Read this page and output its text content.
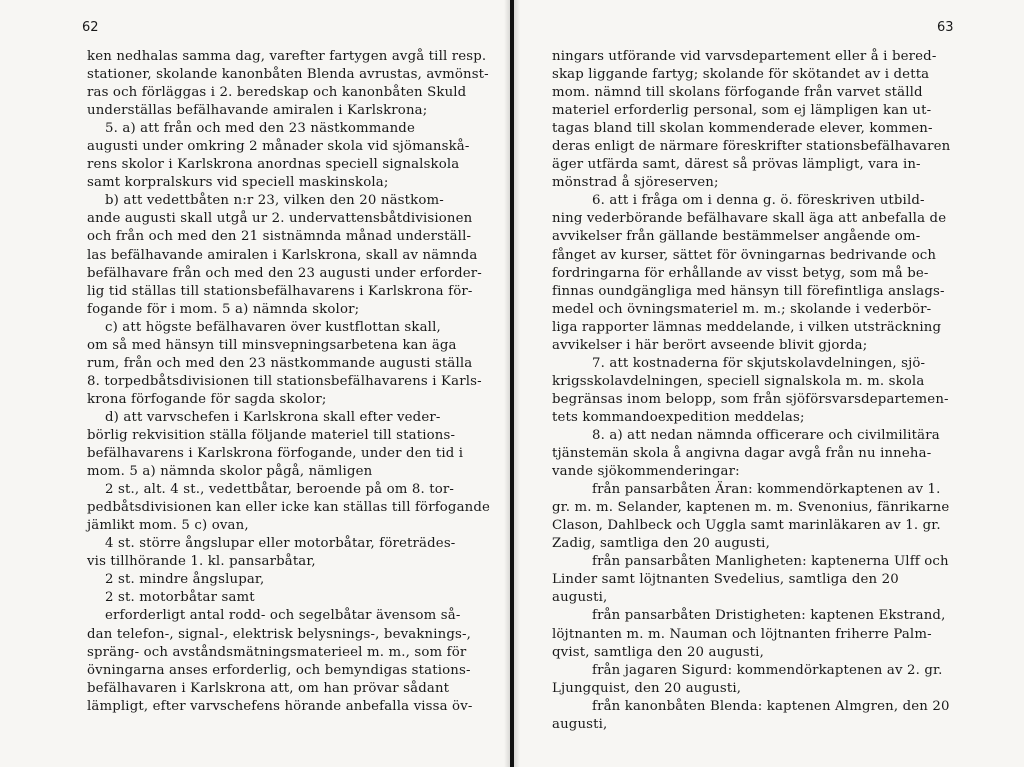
62
ken nedhalas samma dag, varefter fartygen avgå till resp.
stationer, skolande kanonbåten Blenda avrustas, avmönst-
ras och förläggas i 2. beredskap och kanonbåten Skuld
underställas befälhavande amiralen i Karlskrona;
5. a) att från och med den 23 nästkommande
augusti under omkring 2 månader skola vid sjömanskå-
rens skolor i Karlskrona anordnas speciell signalskola
samt korpralskurs vid speciell maskinskola;
b) att vedettbåten n:r 23, vilken den 20 nästkom-
ande augusti skall utgå ur 2. undervattensbåtdivisionen
och från och med den 21 sistnämnda månad underställ-
las befälhavande amiralen i Karlskrona, skall av nämnda
befälhavare från och med den 23 augusti under erforder-
lig tid ställas till stationsbefälhavarens i Karlskrona för-
fogande för i mom. 5 a) nämnda skolor;
c) att högste befälhavaren över kustflottan skall,
om så med hänsyn till minsvepningsarbetena kan äga
rum, från och med den 23 nästkommande augusti ställa
8. torpedbåtsdivisionen till stationsbefälhavarens i Karls-
krona förfogande för sagda skolor;
d) att varvschefen i Karlskrona skall efter veder-
börlig rekvisition ställa följande materiel till stations-
befälhavarens i Karlskrona förfogande, under den tid i
mom. 5 a) nämnda skolor pågå, nämligen
2 st., alt. 4 st., vedettbåtar, beroende på om 8. tor-
pedbåtsdivisionen kan eller icke kan ställas till förfogande
jämlikt mom. 5 c) ovan,
4 st. större ångslupar eller motorbåtar, företrädes-
vis tillhörande 1. kl. pansarbåtar,
2 st. mindre ångslupar,
2 st. motorbåtar samt
erforderligt antal rodd- och segelbåtar ävensom så-
dan telefon-, signal-, elektrisk belysnings-, bevaknings-,
spräng- och avståndsmätningsmaterieel m. m., som för
övningarna anses erforderlig, och bemyndigas stations-
befälhavaren i Karlskrona att, om han prövar sådant
lämpligt, efter varvschefens hörande anbefalla vissa öv-
63
ningars utförande vid varvsdepartement eller å i bered-
skap liggande fartyg; skolande för skötandet av i detta
mom. nämnd till skolans förfogande från varvet ställd
materiel erforderlig personal, som ej lämpligen kan ut-
tagas bland till skolan kommenderade elever, kommen-
deras enligt de närmare föreskrifter stationsbefälhavaren
äger utfärda samt, därest så prövas lämpligt, vara in-
mönstrad å sjöreserven;
6. att i fråga om i denna g. ö. föreskriven utbild-
ning vederbörande befälhavare skall äga att anbefalla de
avvikelser från gällande bestämmelser angående om-
fånget av kurser, sättet för övningarnas bedrivande och
fordringarna för erhållande av visst betyg, som må be-
finnas oundgängliga med hänsyn till förefintliga anslags-
medel och övningsmateriel m. m.; skolande i vederbör-
liga rapporter lämnas meddelande, i vilken utsträckning
avvikelser i här berört avseende blivit gjorda;
7. att kostnaderna för skjutskolavdelningen, sjö-
krigsskolavdelningen, speciell signalskola m. m. skola
begränsas inom belopp, som från sjöförsvarsdepartemen-
tets kommandoexpedition meddelas;
8. a) att nedan nämnda officerare och civilmilitära
tjänstemän skola å angivna dagar avgå från nu inneha-
vande sjökommenderingar:
från pansarbåten Äran: kommendörkaptenen av 1.
gr. m. m. Selander, kaptenen m. m. Svenonius, fänrikarne
Clason, Dahlbeck och Uggla samt marinläkaren av 1. gr.
Zadig, samtliga den 20 augusti,
från pansarbåten Manligheten: kaptenerna Ulff och
Linder samt löjtnanten Svedelius, samtliga den 20
augusti,
från pansarbåten Dristigheten: kaptenen Ekstrand,
löjtnanten m. m. Nauman och löjtnanten friherre Palm-
qvist, samtliga den 20 augusti,
från jagaren Sigurd: kommendörkaptenen av 2. gr.
Ljungquist, den 20 augusti,
från kanonbåten Blenda: kaptenen Almgren, den 20
augusti,
